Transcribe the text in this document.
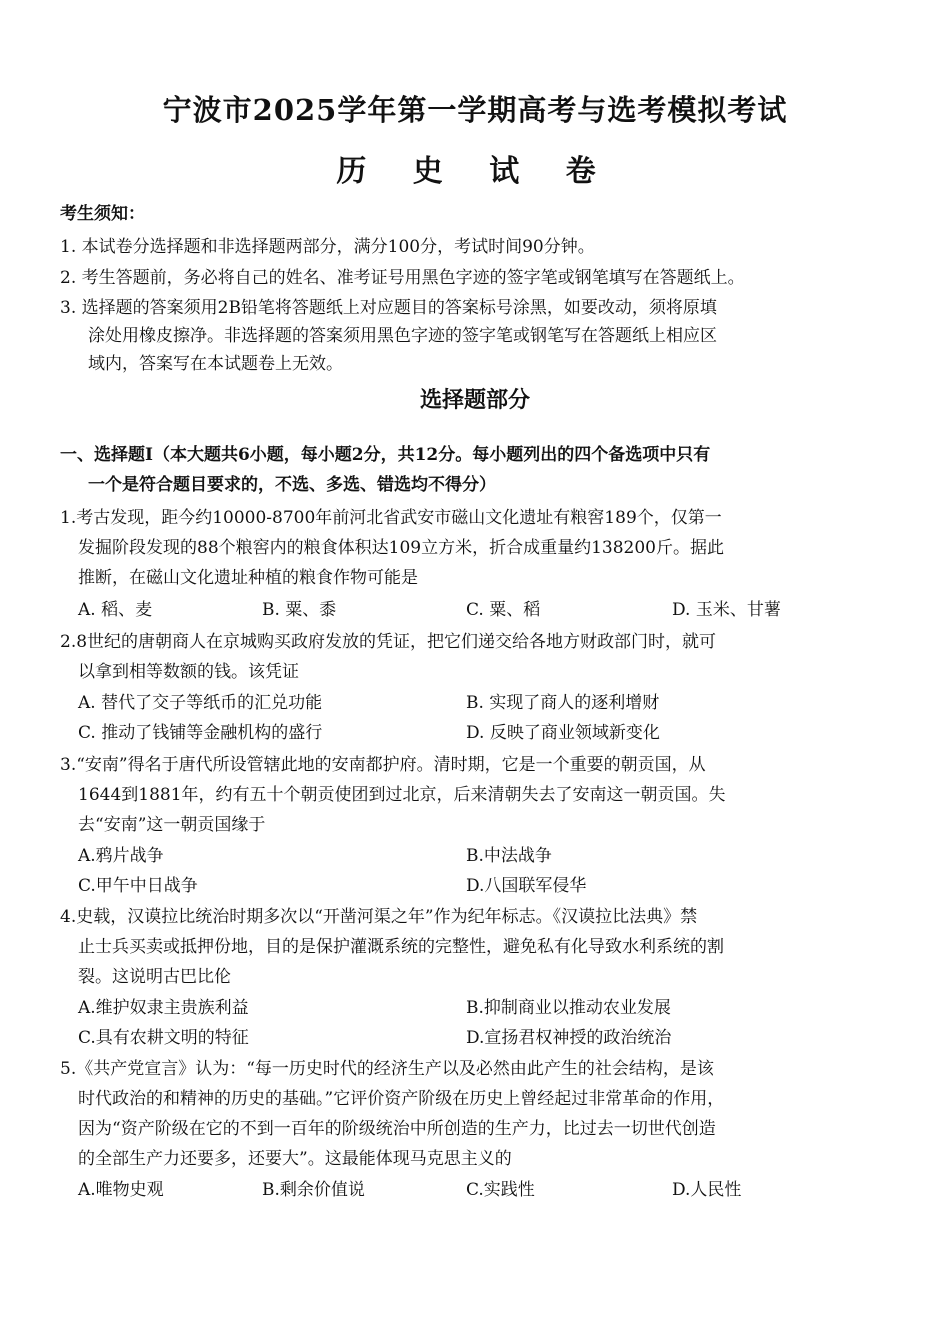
宁波市2025学年第一学期高考与选考模拟考试
历 史 试 卷
考生须知：
1. 本试卷分选择题和非选择题两部分，满分100分，考试时间90分钟。
2. 考生答题前，务必将自己的姓名、准考证号用黑色字迹的签字笔或钢笔填写在答题纸上。
3. 选择题的答案须用2B铅笔将答题纸上对应题目的答案标号涂黑，如要改动，须将原填
涂处用橡皮擦净。非选择题的答案须用黑色字迹的签字笔或钢笔写在答题纸上相应区
域内，答案写在本试题卷上无效。
选择题部分
一、选择题Ⅰ（本大题共6小题，每小题2分，共12分。每小题列出的四个备选项中只有
一个是符合题目要求的，不选、多选、错选均不得分）
1.考古发现，距今约10000-8700年前河北省武安市磁山文化遗址有粮窖189个，仅第一
发掘阶段发现的88个粮窖内的粮食体积达109立方米，折合成重量约138200斤。据此
推断，在磁山文化遗址种植的粮食作物可能是
A. 稻、麦	B. 粟、黍	C. 粟、稻	D. 玉米、甘薯
2.8世纪的唐朝商人在京城购买政府发放的凭证，把它们递交给各地方财政部门时，就可
以拿到相等数额的钱。该凭证
A. 替代了交子等纸币的汇兑功能	B. 实现了商人的逐利增财
C. 推动了钱铺等金融机构的盛行	D. 反映了商业领域新变化
3.“安南”得名于唐代所设管辖此地的安南都护府。清时期，它是一个重要的朝贡国，从
1644到1881年，约有五十个朝贡使团到过北京，后来清朝失去了安南这一朝贡国。失
去“安南”这一朝贡国缘于
A.鸦片战争	B.中法战争
C.甲午中日战争	D.八国联军侵华
4.史载，汉谟拉比统治时期多次以“开凿河渠之年”作为纪年标志。《汉谟拉比法典》禁
止士兵买卖或抵押份地，目的是保护灌溉系统的完整性，避免私有化导致水利系统的割
裂。这说明古巴比伦
A.维护奴隶主贵族利益	B.抑制商业以推动农业发展
C.具有农耕文明的特征	D.宣扬君权神授的政治统治
5.《共产党宣言》认为：“每一历史时代的经济生产以及必然由此产生的社会结构，是该
时代政治的和精神的历史的基础。”它评价资产阶级在历史上曾经起过非常革命的作用，
因为“资产阶级在它的不到一百年的阶级统治中所创造的生产力，比过去一切世代创造
的全部生产力还要多，还要大”。这最能体现马克思主义的
A.唯物史观	B.剩余价值说	C.实践性	D.人民性
